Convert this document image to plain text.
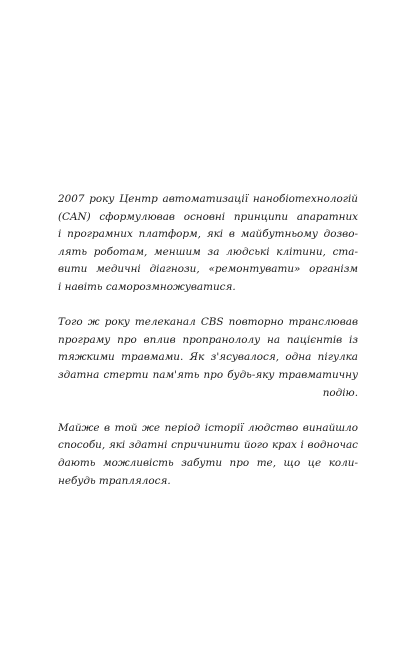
2007 року Центр автоматизації нанобіотехнологій
(CAN) сформулював основні принципи апаратних
і програмних платформ, які в майбутньому дозво-
лять роботам, меншим за людські клітини, ста-
вити медичні діагнози, «ремонтувати» організм
і навіть саморозмножуватися.
Того ж року телеканал CBS повторно транслював
програму про вплив пропранололу на пацієнтів із
тяжкими травмами. Як з'ясувалося, одна пігулка
здатна стерти пам'ять про будь-яку травматичну
подію.
Майже в той же період історії людство винайшло
способи, які здатні спричинити його крах і водночас
дають можливість забути про те, що це коли-
небудь траплялося.
